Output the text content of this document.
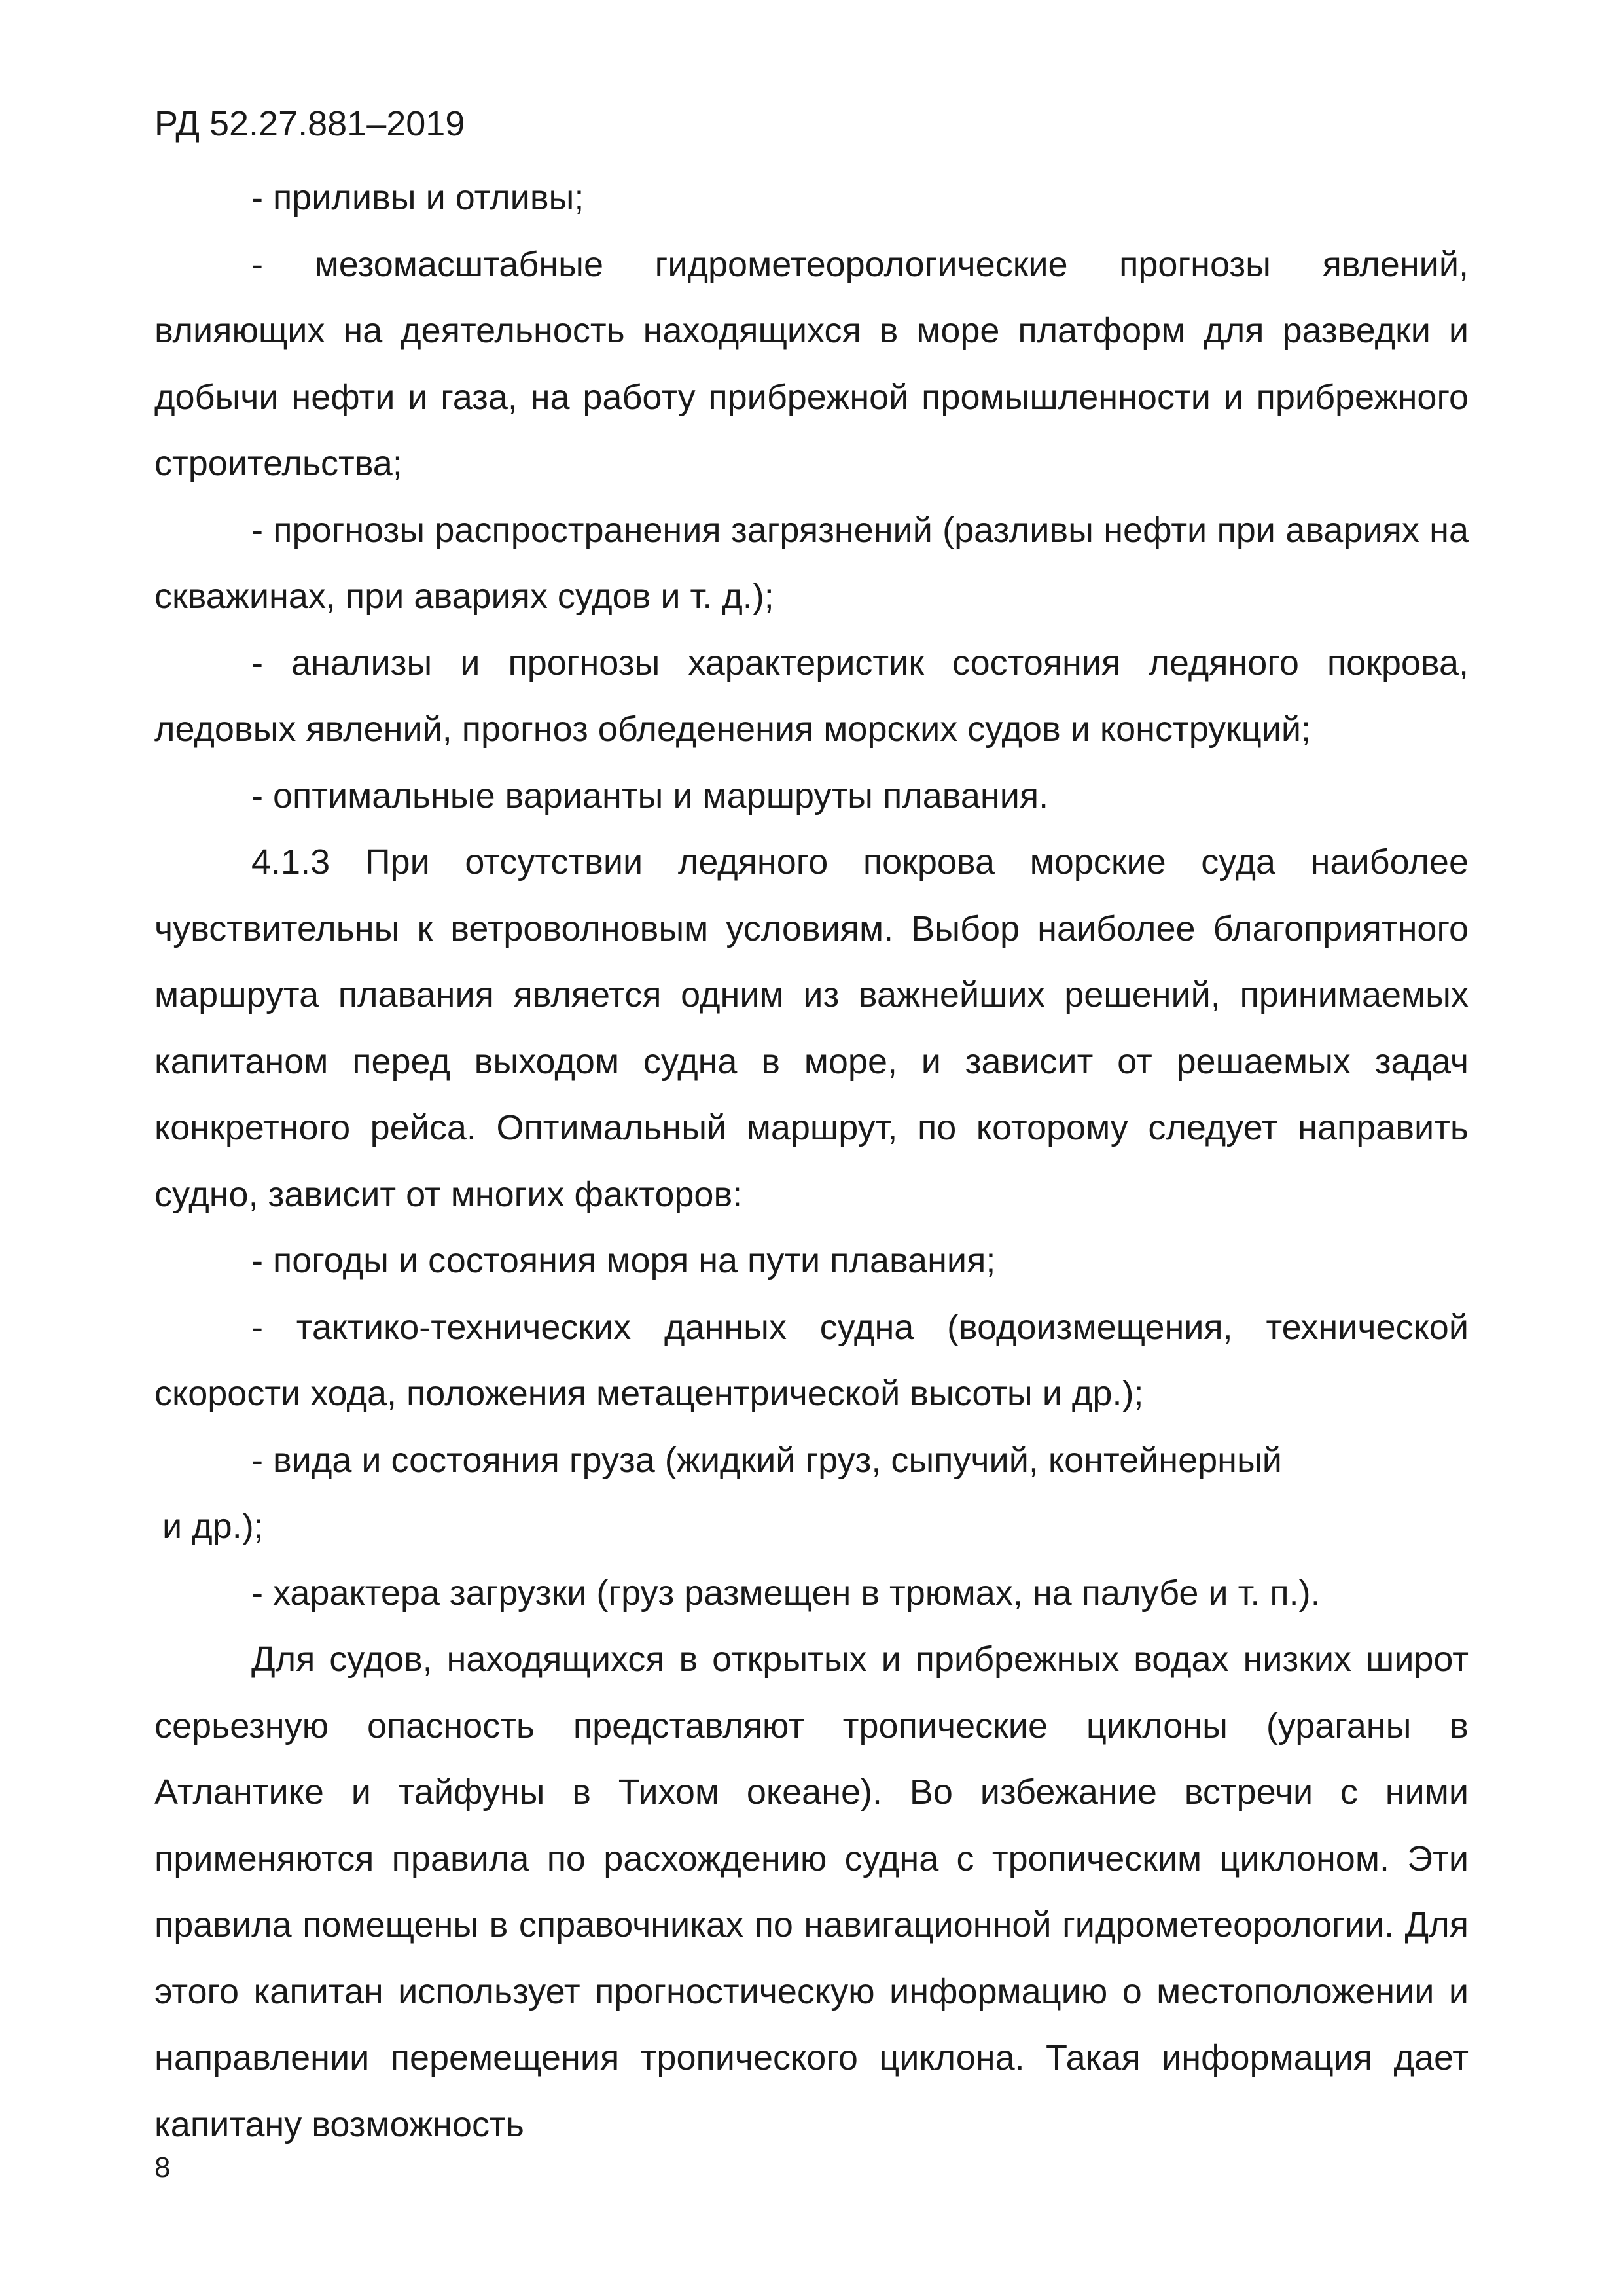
РД 52.27.881–2019

- приливы и отливы;

- мезомасштабные гидрометеорологические прогнозы явлений, влияющих на деятельность находящихся в море платформ для разведки и добычи нефти и газа, на работу прибрежной промышленности и прибрежного строительства;

- прогнозы распространения загрязнений (разливы нефти при авариях на скважинах, при авариях судов и т. д.);

- анализы и прогнозы характеристик состояния ледяного покрова, ледовых явлений, прогноз обледенения морских судов и конструкций;

- оптимальные варианты и маршруты плавания.

4.1.3 При отсутствии ледяного покрова морские суда наиболее чувствительны к ветроволновым условиям. Выбор наиболее благоприятного маршрута плавания является одним из важнейших решений, принимаемых капитаном перед выходом судна в море, и зависит от решаемых задач конкретного рейса. Оптимальный маршрут, по которому следует направить судно, зависит от многих факторов:

- погоды и состояния моря на пути плавания;

- тактико-технических данных судна (водоизмещения, технической скорости хода, положения метацентрической высоты и др.);

- вида и состояния груза (жидкий груз, сыпучий, контейнерный

и др.);

- характера загрузки (груз размещен в трюмах, на палубе и т. п.).

Для судов, находящихся в открытых и прибрежных водах низких широт серьезную опасность представляют тропические циклоны (ураганы в Атлантике и тайфуны в Тихом океане). Во избежание встречи с ними применяются правила по расхождению судна с тропическим циклоном. Эти правила помещены в справочниках по навигационной гидрометеорологии. Для этого капитан использует прогностическую информацию о местоположении и направлении перемещения тропического циклона. Такая информация дает капитану возможность

8
